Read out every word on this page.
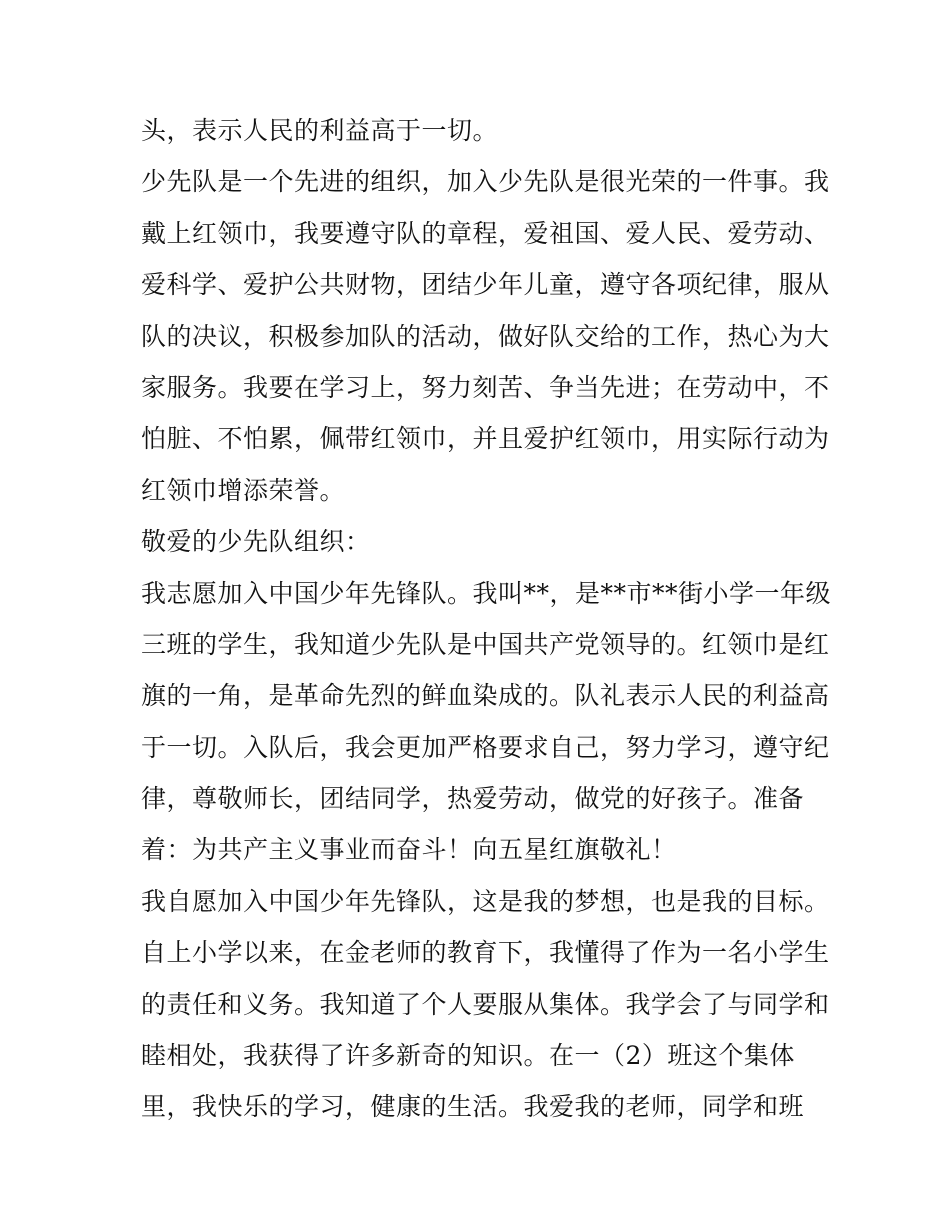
头，表示人民的利益高于一切。
少先队是一个先进的组织，加入少先队是很光荣的一件事。我
戴上红领巾，我要遵守队的章程，爱祖国、爱人民、爱劳动、
爱科学、爱护公共财物，团结少年儿童，遵守各项纪律，服从
队的决议，积极参加队的活动，做好队交给的工作，热心为大
家服务。我要在学习上，努力刻苦、争当先进；在劳动中，不
怕脏、不怕累，佩带红领巾，并且爱护红领巾，用实际行动为
红领巾增添荣誉。
敬爱的少先队组织：
我志愿加入中国少年先锋队。我叫**，是**市**街小学一年级
三班的学生，我知道少先队是中国共产党领导的。红领巾是红
旗的一角，是革命先烈的鲜血染成的。队礼表示人民的利益高
于一切。入队后，我会更加严格要求自己，努力学习，遵守纪
律，尊敬师长，团结同学，热爱劳动，做党的好孩子。准备
着：为共产主义事业而奋斗！向五星红旗敬礼！
我自愿加入中国少年先锋队，这是我的梦想，也是我的目标。
自上小学以来，在金老师的教育下，我懂得了作为一名小学生
的责任和义务。我知道了个人要服从集体。我学会了与同学和
睦相处，我获得了许多新奇的知识。在一（2）班这个集体
里，我快乐的学习，健康的生活。我爱我的老师，同学和班
